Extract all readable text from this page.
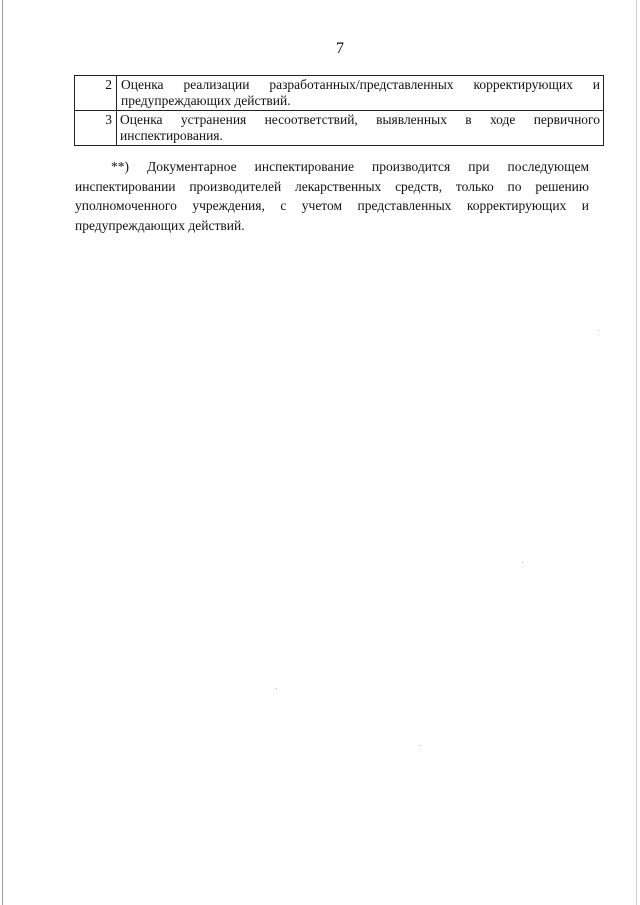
7
2	Оценка реализации разработанных/представленных корректирующих и предупреждающих действий.
3	Оценка устранения несоответствий, выявленных в ходе первичного инспектирования.
**) Документарное инспектирование производится при последующем инспектировании производителей лекарственных средств, только по решению уполномоченного учреждения, с учетом представленных корректирующих и предупреждающих действий.
